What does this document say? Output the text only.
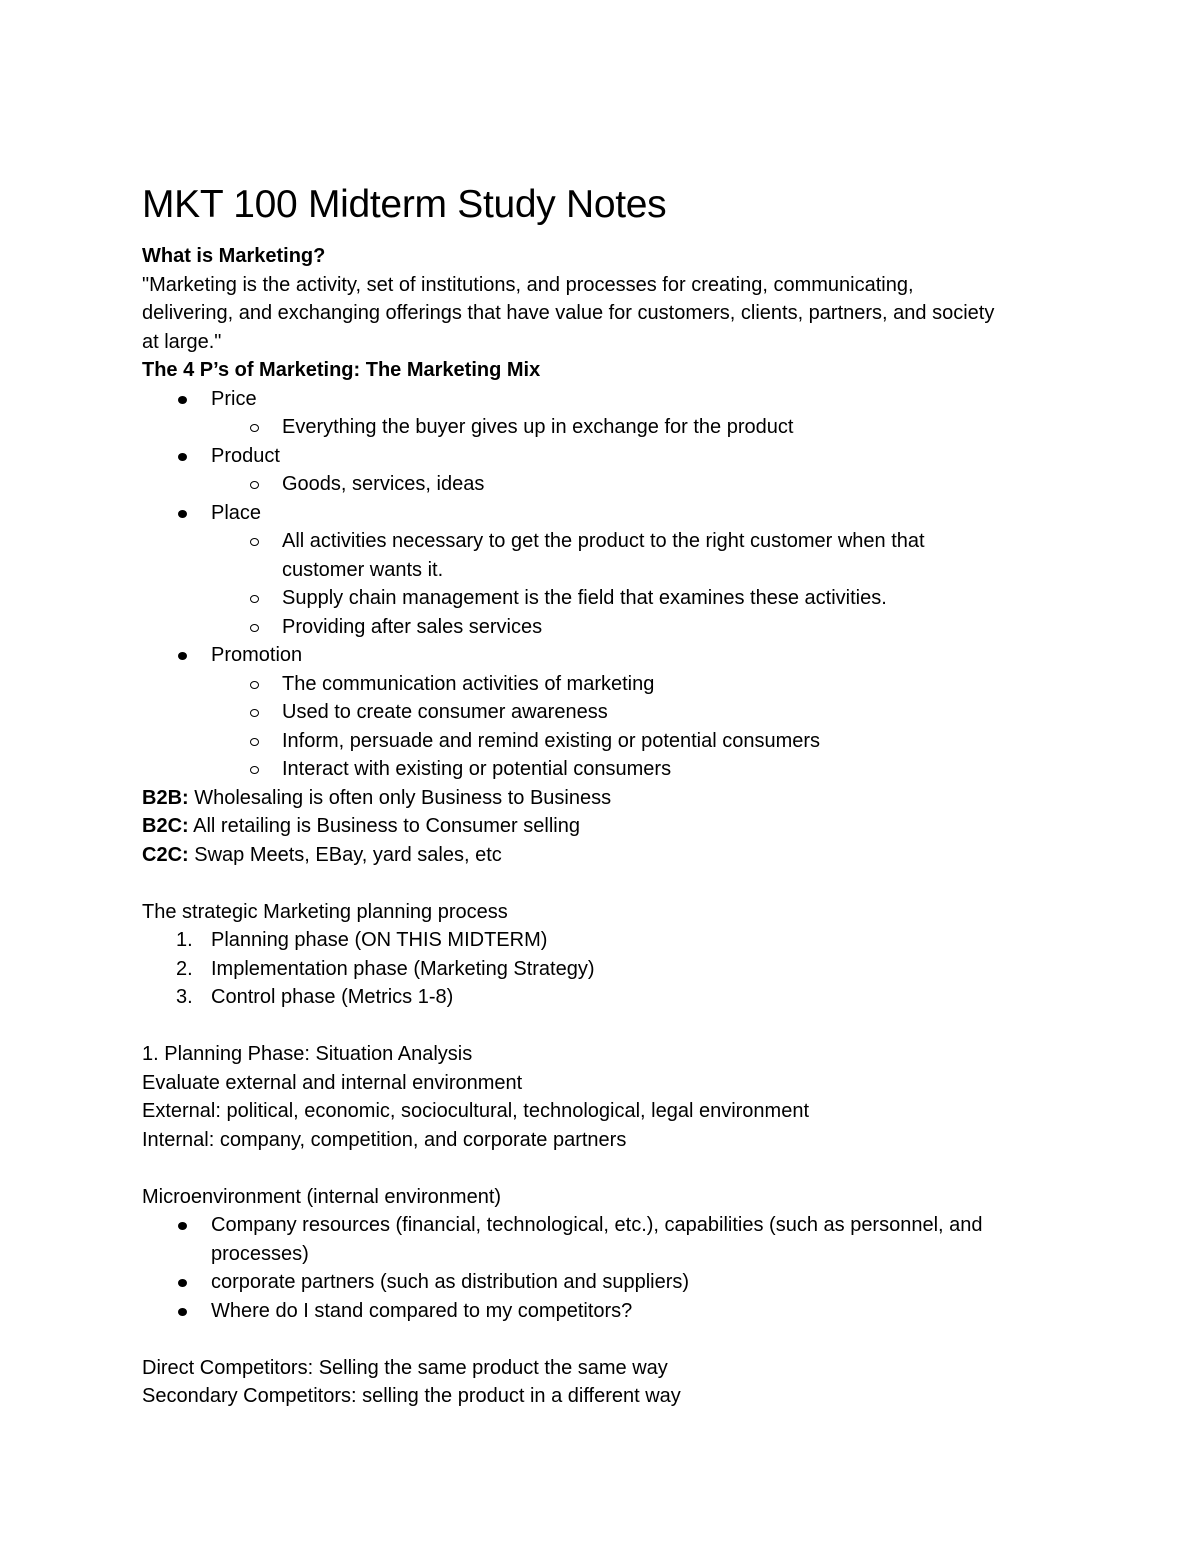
MKT 100 Midterm Study Notes
What is Marketing?
"Marketing is the activity, set of institutions, and processes for creating, communicating, delivering, and exchanging offerings that have value for customers, clients, partners, and society at large."
The 4 P’s of Marketing: The Marketing Mix
Price
Everything the buyer gives up in exchange for the product
Product
Goods, services, ideas
Place
All activities necessary to get the product to the right customer when that customer wants it.
Supply chain management is the field that examines these activities.
Providing after sales services
Promotion
The communication activities of marketing
Used to create consumer awareness
Inform, persuade and remind existing or potential consumers
Interact with existing or potential consumers
B2B: Wholesaling is often only Business to Business
B2C: All retailing is Business to Consumer selling
C2C: Swap Meets, EBay, yard sales, etc
The strategic Marketing planning process
1. Planning phase (ON THIS MIDTERM)
2. Implementation phase (Marketing Strategy)
3. Control phase (Metrics 1-8)
1. Planning Phase: Situation Analysis
Evaluate external and internal environment
External: political, economic, sociocultural, technological, legal environment
Internal: company, competition, and corporate partners
Microenvironment (internal environment)
Company resources (financial, technological, etc.), capabilities (such as personnel, and processes)
corporate partners (such as distribution and suppliers)
Where do I stand compared to my competitors?
Direct Competitors: Selling the same product the same way
Secondary Competitors: selling the product in a different way
